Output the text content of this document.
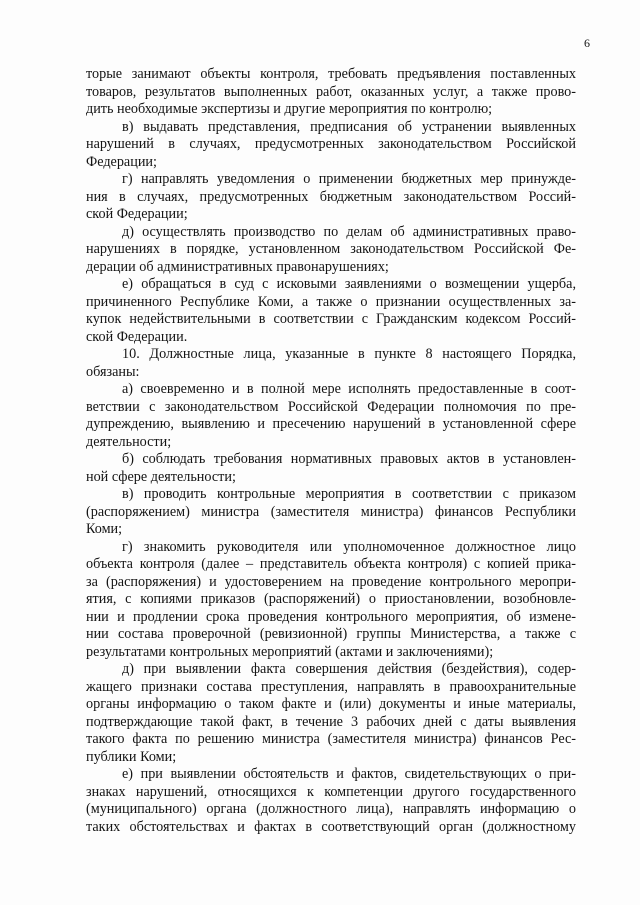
6

торые занимают объекты контроля, требовать предъявления поставленных
товаров, результатов выполненных работ, оказанных услуг, а также прово-
дить необходимые экспертизы и другие мероприятия по контролю;

в) выдавать представления, предписания об устранении выявленных
нарушений в случаях, предусмотренных законодательством Российской
Федерации;

г) направлять уведомления о применении бюджетных мер принужде-
ния в случаях, предусмотренных бюджетным законодательством Россий-
ской Федерации;

д) осуществлять производство по делам об административных право-
нарушениях в порядке, установленном законодательством Российской Фе-
дерации об административных правонарушениях;

е) обращаться в суд с исковыми заявлениями о возмещении ущерба,
причиненного Республике Коми, а также о признании осуществленных за-
купок недействительными в соответствии с Гражданским кодексом Россий-
ской Федерации.

10. Должностные лица, указанные в пункте 8 настоящего Порядка,
обязаны:

а) своевременно и в полной мере исполнять предоставленные в соот-
ветствии с законодательством Российской Федерации полномочия по пре-
дупреждению, выявлению и пресечению нарушений в установленной сфере
деятельности;

б) соблюдать требования нормативных правовых актов в установлен-
ной сфере деятельности;

в) проводить контрольные мероприятия в соответствии с приказом
(распоряжением) министра (заместителя министра) финансов Республики
Коми;

г) знакомить руководителя или уполномоченное должностное лицо
объекта контроля (далее – представитель объекта контроля) с копией прика-
за (распоряжения) и удостоверением на проведение контрольного меропри-
ятия, с копиями приказов (распоряжений) о приостановлении, возобновле-
нии и продлении срока проведения контрольного мероприятия, об измене-
нии состава проверочной (ревизионной) группы Министерства, а также с
результатами контрольных мероприятий (актами и заключениями);

д) при выявлении факта совершения действия (бездействия), содер-
жащего признаки состава преступления, направлять в правоохранительные
органы информацию о таком факте и (или) документы и иные материалы,
подтверждающие такой факт, в течение 3 рабочих дней с даты выявления
такого факта по решению министра (заместителя министра) финансов Рес-
публики Коми;

е) при выявлении обстоятельств и фактов, свидетельствующих о при-
знаках нарушений, относящихся к компетенции другого государственного
(муниципального) органа (должностного лица), направлять информацию о
таких обстоятельствах и фактах в соответствующий орган (должностному
